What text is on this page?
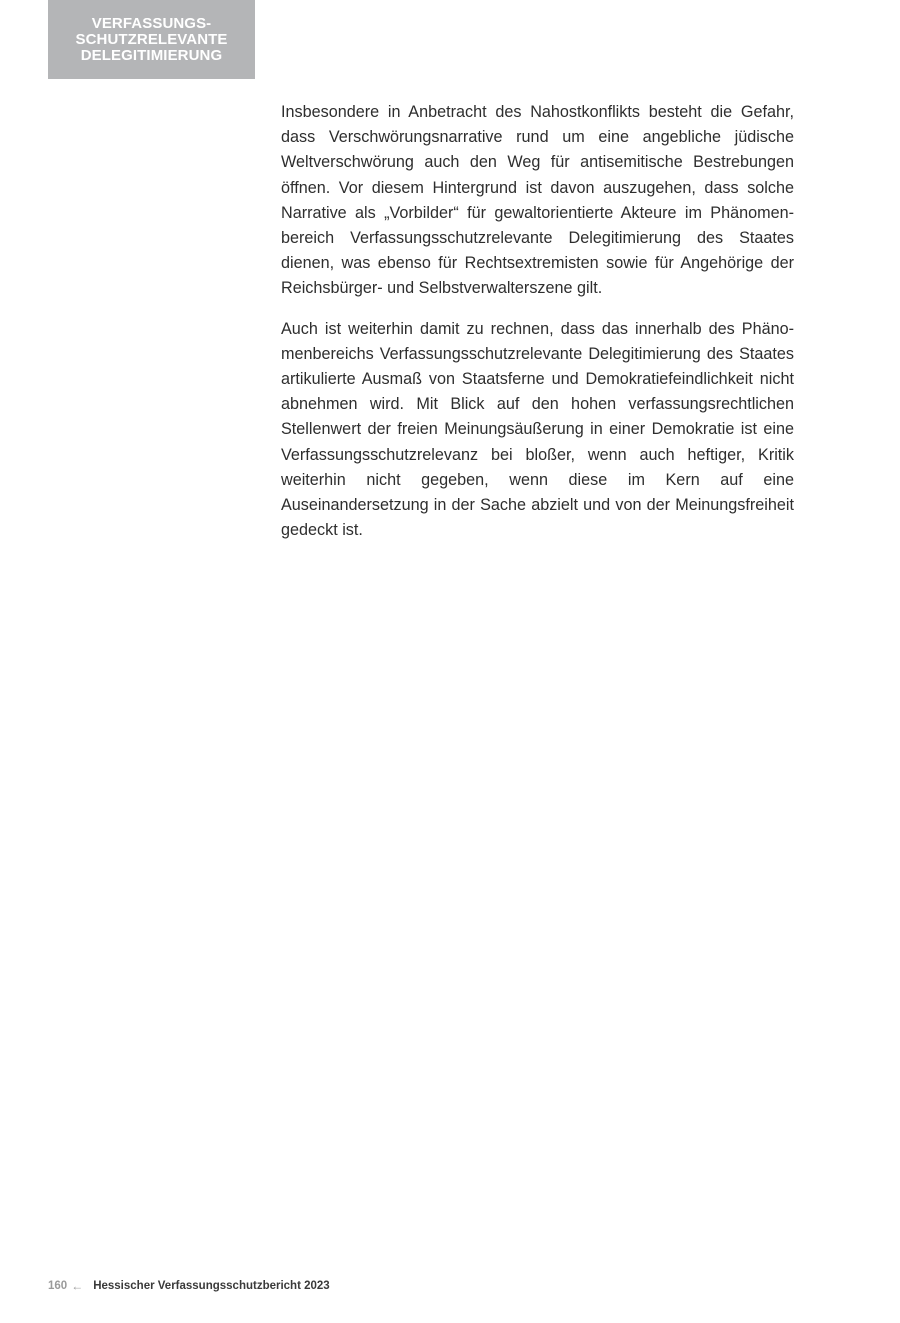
VERFASSUNGS-
SCHUTZRELEVANTE
DELEGITIMIERUNG

Insbesondere in Anbetracht des Nahostkonflikts besteht die Gefahr, dass Verschwörungsnarrative rund um eine angebliche jüdische Weltverschwörung auch den Weg für antisemitische Bestrebungen öffnen. Vor diesem Hintergrund ist davon auszugehen, dass solche Narrative als „Vorbilder“ für gewaltorientierte Akteure im Phänomenbereich Verfassungsschutzrelevante Delegitimierung des Staates dienen, was ebenso für Rechtsextremisten sowie für Angehörige der Reichsbürger- und Selbstverwalterszene gilt.

Auch ist weiterhin damit zu rechnen, dass das innerhalb des Phänomenbereichs Verfassungsschutzrelevante Delegitimierung des Staates artikulierte Ausmaß von Staatsferne und Demokratiefeindlichkeit nicht abnehmen wird. Mit Blick auf den hohen verfassungsrechtlichen Stellenwert der freien Meinungsäußerung in einer Demokratie ist eine Verfassungsschutzrelevanz bei bloßer, wenn auch heftiger, Kritik weiterhin nicht gegeben, wenn diese im Kern auf eine Auseinandersetzung in der Sache abzielt und von der Meinungsfreiheit gedeckt ist.

160 ← Hessischer Verfassungsschutzbericht 2023
